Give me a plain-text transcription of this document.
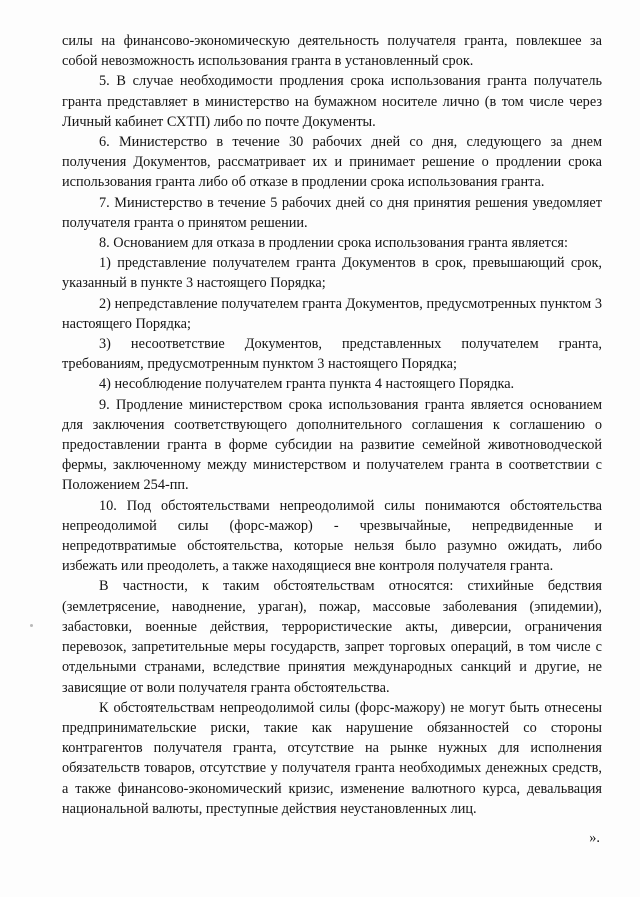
силы на финансово-экономическую деятельность получателя гранта, повлекшее за собой невозможность использования гранта в установленный срок.

5. В случае необходимости продления срока использования гранта получатель гранта представляет в министерство на бумажном носителе лично (в том числе через Личный кабинет СХТП) либо по почте Документы.

6. Министерство в течение 30 рабочих дней со дня, следующего за днем получения Документов, рассматривает их и принимает решение о продлении срока использования гранта либо об отказе в продлении срока использования гранта.

7. Министерство в течение 5 рабочих дней со дня принятия решения уведомляет получателя гранта о принятом решении.

8. Основанием для отказа в продлении срока использования гранта является:

1) представление получателем гранта Документов в срок, превышающий срок, указанный в пункте 3 настоящего Порядка;

2) непредставление получателем гранта Документов, предусмотренных пунктом 3 настоящего Порядка;

3) несоответствие Документов, представленных получателем гранта, требованиям, предусмотренным пунктом 3 настоящего Порядка;

4) несоблюдение получателем гранта пункта 4 настоящего Порядка.

9. Продление министерством срока использования гранта является основанием для заключения соответствующего дополнительного соглашения к соглашению о предоставлении гранта в форме субсидии на развитие семейной животноводческой фермы, заключенному между министерством и получателем гранта в соответствии с Положением 254-пп.

10. Под обстоятельствами непреодолимой силы понимаются обстоятельства непреодолимой силы (форс-мажор) - чрезвычайные, непредвиденные и непредотвратимые обстоятельства, которые нельзя было разумно ожидать, либо избежать или преодолеть, а также находящиеся вне контроля получателя гранта.

В частности, к таким обстоятельствам относятся: стихийные бедствия (землетрясение, наводнение, ураган), пожар, массовые заболевания (эпидемии), забастовки, военные действия, террористические акты, диверсии, ограничения перевозок, запретительные меры государств, запрет торговых операций, в том числе с отдельными странами, вследствие принятия международных санкций и другие, не зависящие от воли получателя гранта обстоятельства.

К обстоятельствам непреодолимой силы (форс-мажору) не могут быть отнесены предпринимательские риски, такие как нарушение обязанностей со стороны контрагентов получателя гранта, отсутствие на рынке нужных для исполнения обязательств товаров, отсутствие у получателя гранта необходимых денежных средств, а также финансово-экономический кризис, изменение валютного курса, девальвация национальной валюты, преступные действия неустановленных лиц.

».
